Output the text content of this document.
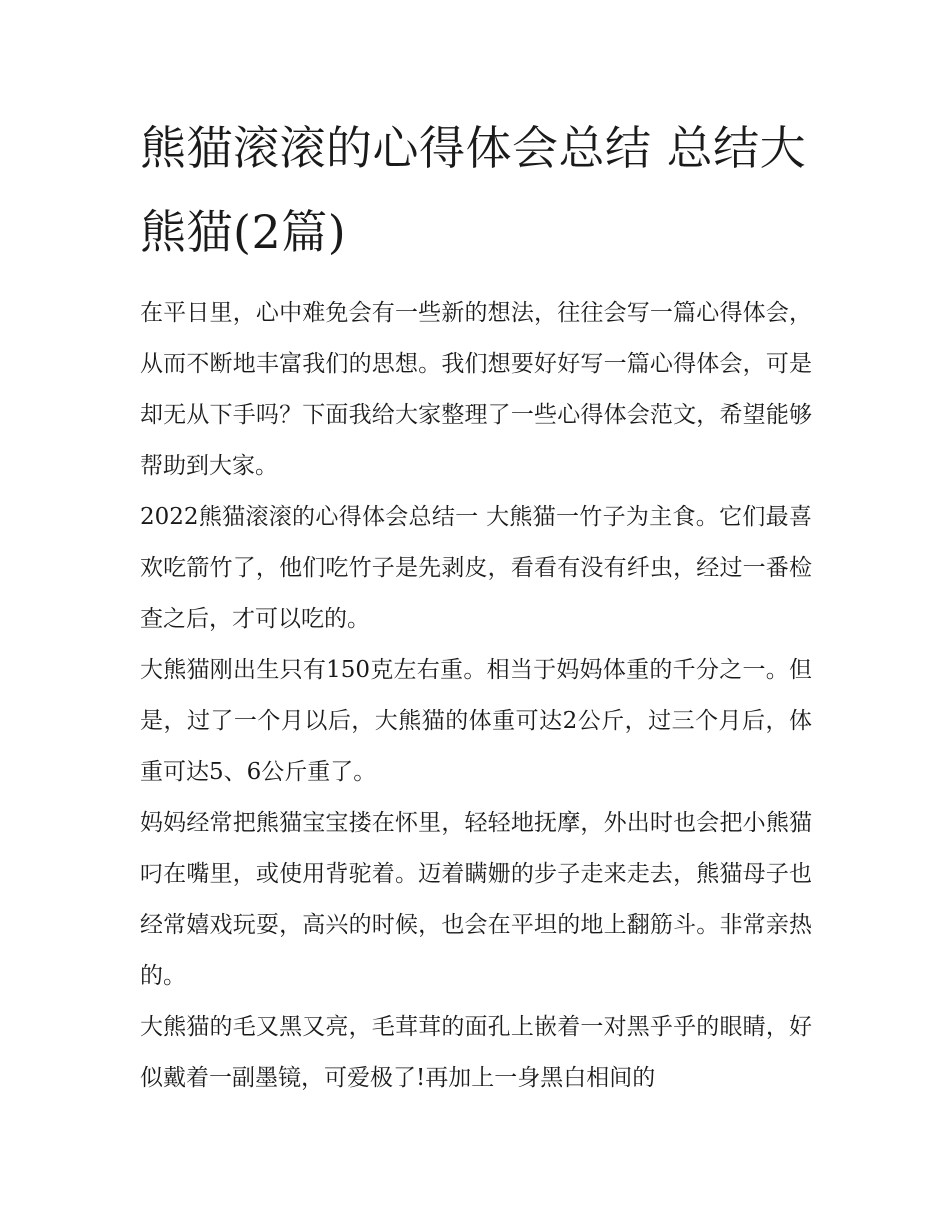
熊猫滚滚的心得体会总结 总结大熊猫(2篇)

在平日里，心中难免会有一些新的想法，往往会写一篇心得体会，从而不断地丰富我们的思想。我们想要好好写一篇心得体会，可是却无从下手吗？下面我给大家整理了一些心得体会范文，希望能够帮助到大家。

2022熊猫滚滚的心得体会总结一 大熊猫一竹子为主食。它们最喜欢吃箭竹了，他们吃竹子是先剥皮，看看有没有纤虫，经过一番检查之后，才可以吃的。

大熊猫刚出生只有150克左右重。相当于妈妈体重的千分之一。但是，过了一个月以后，大熊猫的体重可达2公斤，过三个月后，体重可达5、6公斤重了。

妈妈经常把熊猫宝宝搂在怀里，轻轻地抚摩，外出时也会把小熊猫叼在嘴里，或使用背驼着。迈着瞒姗的步子走来走去，熊猫母子也经常嬉戏玩耍，高兴的时候，也会在平坦的地上翻筋斗。非常亲热的。

大熊猫的毛又黑又亮，毛茸茸的面孔上嵌着一对黑乎乎的眼睛，好似戴着一副墨镜，可爱极了!再加上一身黑白相间的
